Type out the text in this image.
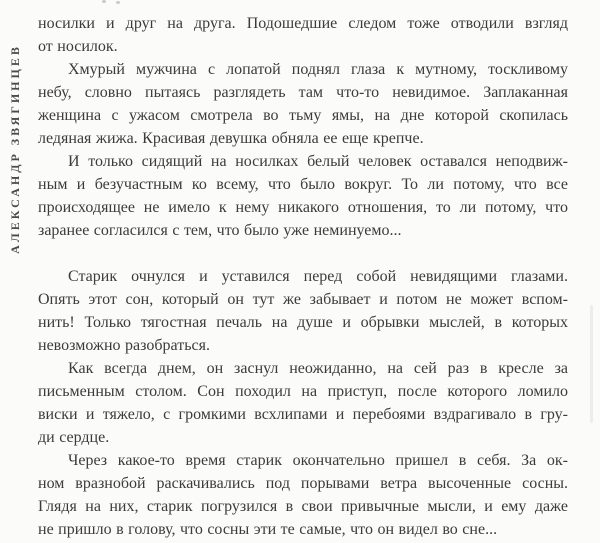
АЛЕКСАНДР ЗВЯГИНЦЕВ
носилки и друг на друга. Подошедшие следом тоже отводили взгляд
от носилок.
Хмурый мужчина с лопатой поднял глаза к мутному, тоскливому
небу, словно пытаясь разглядеть там что-то невидимое. Заплаканная
женщина с ужасом смотрела во тьму ямы, на дне которой скопилась
ледяная жижа. Красивая девушка обняла ее еще крепче.
И только сидящий на носилках белый человек оставался неподвиж-
ным и безучастным ко всему, что было вокруг. То ли потому, что все
происходящее не имело к нему никакого отношения, то ли потому, что
заранее согласился с тем, что было уже неминуемо...
Старик очнулся и уставился перед собой невидящими глазами.
Опять этот сон, который он тут же забывает и потом не может вспом-
нить! Только тягостная печаль на душе и обрывки мыслей, в которых
невозможно разобраться.
Как всегда днем, он заснул неожиданно, на сей раз в кресле за
письменным столом. Сон походил на приступ, после которого ломило
виски и тяжело, с громкими всхлипами и перебоями вздрагивало в гру-
ди сердце.
Через какое-то время старик окончательно пришел в себя. За ок-
ном вразнобой раскачивались под порывами ветра высоченные сосны.
Глядя на них, старик погрузился в свои привычные мысли, и ему даже
не пришло в голову, что сосны эти те самые, что он видел во сне...
